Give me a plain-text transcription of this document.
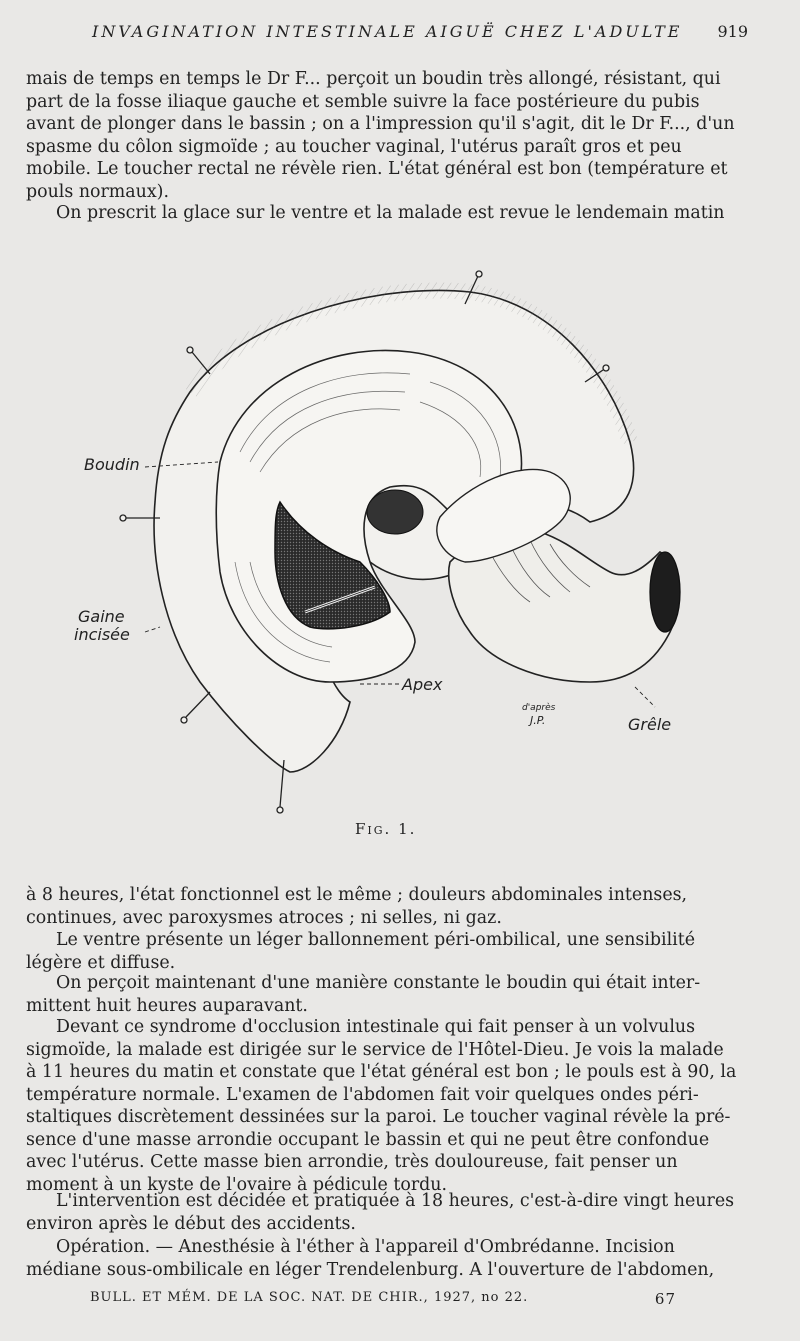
INVAGINATION INTESTINALE AIGUË CHEZ L'ADULTE 919
mais de temps en temps le Dr F... perçoit un boudin très allongé, résistant, qui
part de la fosse iliaque gauche et semble suivre la face postérieure du pubis
avant de plonger dans le bassin ; on a l'impression qu'il s'agit, dit le Dr F..., d'un
spasme du côlon sigmoïde ; au toucher vaginal, l'utérus paraît gros et peu
mobile. Le toucher rectal ne révèle rien. L'état général est bon (température et
pouls normaux).
On prescrit la glace sur le ventre et la malade est revue le lendemain matin
Boudin
Gaine
incisée
Apex
Grêle
d'après
J.P.
Fig. 1.
à 8 heures, l'état fonctionnel est le même ; douleurs abdominales intenses,
continues, avec paroxysmes atroces ; ni selles, ni gaz.
Le ventre présente un léger ballonnement péri-ombilical, une sensibilité
légère et diffuse.
On perçoit maintenant d'une manière constante le boudin qui était inter-
mittent huit heures auparavant.
Devant ce syndrome d'occlusion intestinale qui fait penser à un volvulus
sigmoïde, la malade est dirigée sur le service de l'Hôtel-Dieu. Je vois la malade
à 11 heures du matin et constate que l'état général est bon ; le pouls est à 90, la
température normale. L'examen de l'abdomen fait voir quelques ondes péri-
staltiques discrètement dessinées sur la paroi. Le toucher vaginal révèle la pré-
sence d'une masse arrondie occupant le bassin et qui ne peut être confondue
avec l'utérus. Cette masse bien arrondie, très douloureuse, fait penser un
moment à un kyste de l'ovaire à pédicule tordu.
L'intervention est décidée et pratiquée à 18 heures, c'est-à-dire vingt heures
environ après le début des accidents.
Opération. — Anesthésie à l'éther à l'appareil d'Ombrédanne. Incision
médiane sous-ombilicale en léger Trendelenburg. A l'ouverture de l'abdomen,
BULL. ET MÉM. DE LA SOC. NAT. DE CHIR., 1927, no 22.	67
